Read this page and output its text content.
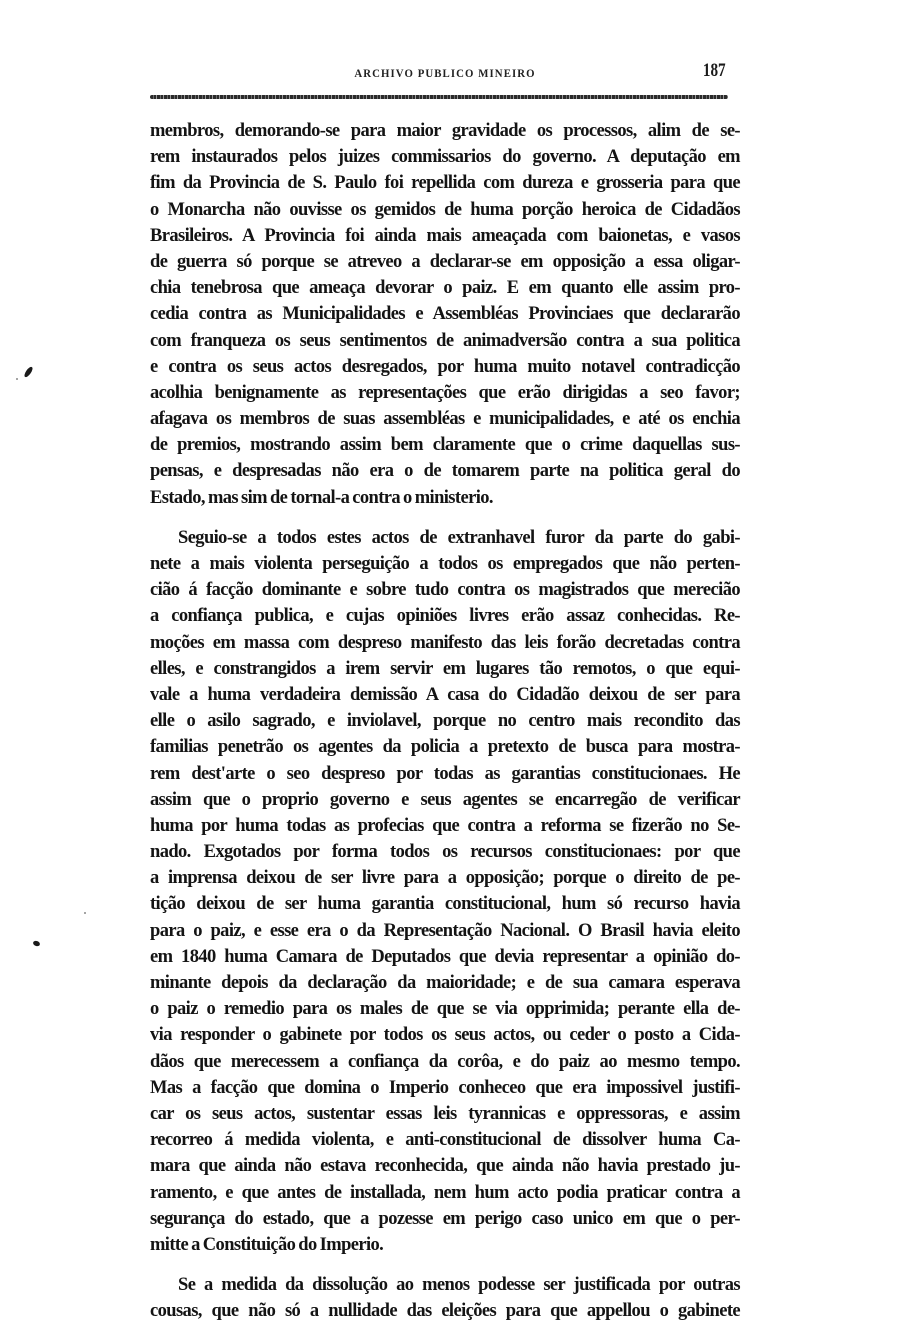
ARCHIVO PUBLICO MINEIRO	187
membros, demorando-se para maior gravidade os processos, alim de se-
rem instaurados pelos juizes commissarios do governo. A deputação em
fim da Provincia de S. Paulo foi repellida com dureza e grosseria para que
o Monarcha não ouvisse os gemidos de huma porção heroica de Cidadãos
Brasileiros. A Provincia foi ainda mais ameaçada com baionetas, e vasos
de guerra só porque se atreveo a declarar-se em opposição a essa oligar-
chia tenebrosa que ameaça devorar o paiz. E em quanto elle assim pro-
cedia contra as Municipalidades e Assembléas Provinciaes que declararão
com franqueza os seus sentimentos de animadversão contra a sua politica
e contra os seus actos desregados, por huma muito notavel contradicção
acolhia benignamente as representações que erão dirigidas a seo favor;
afagava os membros de suas assembléas e municipalidades, e até os enchia
de premios, mostrando assim bem claramente que o crime daquellas sus-
pensas, e despresadas não era o de tomarem parte na politica geral do
Estado, mas sim de tornal-a contra o ministerio.
Seguio-se a todos estes actos de extranhavel furor da parte do gabi-
nete a mais violenta perseguição a todos os empregados que não perten-
cião á facção dominante e sobre tudo contra os magistrados que merecião
a confiança publica, e cujas opiniões livres erão assaz conhecidas. Re-
moções em massa com despreso manifesto das leis forão decretadas contra
elles, e constrangidos a irem servir em lugares tão remotos, o que equi-
vale a huma verdadeira demissão A casa do Cidadão deixou de ser para
elle o asilo sagrado, e inviolavel, porque no centro mais recondito das
familias penetrão os agentes da policia a pretexto de busca para mostra-
rem dest'arte o seo despreso por todas as garantias constitucionaes. He
assim que o proprio governo e seus agentes se encarregão de verificar
huma por huma todas as profecias que contra a reforma se fizerão no Se-
nado. Exgotados por forma todos os recursos constitucionaes: por que
a imprensa deixou de ser livre para a opposição; porque o direito de pe-
tição deixou de ser huma garantia constitucional, hum só recurso havia
para o paiz, e esse era o da Representação Nacional. O Brasil havia eleito
em 1840 huma Camara de Deputados que devia representar a opinião do-
minante depois da declaração da maioridade; e de sua camara esperava
o paiz o remedio para os males de que se via opprimida; perante ella de-
via responder o gabinete por todos os seus actos, ou ceder o posto a Cida-
dãos que merecessem a confiança da corôa, e do paiz ao mesmo tempo.
Mas a facção que domina o Imperio conheceo que era impossivel justifi-
car os seus actos, sustentar essas leis tyrannicas e oppressoras, e assim
recorreo á medida violenta, e anti-constitucional de dissolver huma Ca-
mara que ainda não estava reconhecida, que ainda não havia prestado ju-
ramento, e que antes de installada, nem hum acto podia praticar contra a
segurança do estado, que a pozesse em perigo caso unico em que o per-
mitte a Constituição do Imperio.
Se a medida da dissolução ao menos podesse ser justificada por outras
cousas, que não só a nullidade das eleições para que appellou o gabinete
